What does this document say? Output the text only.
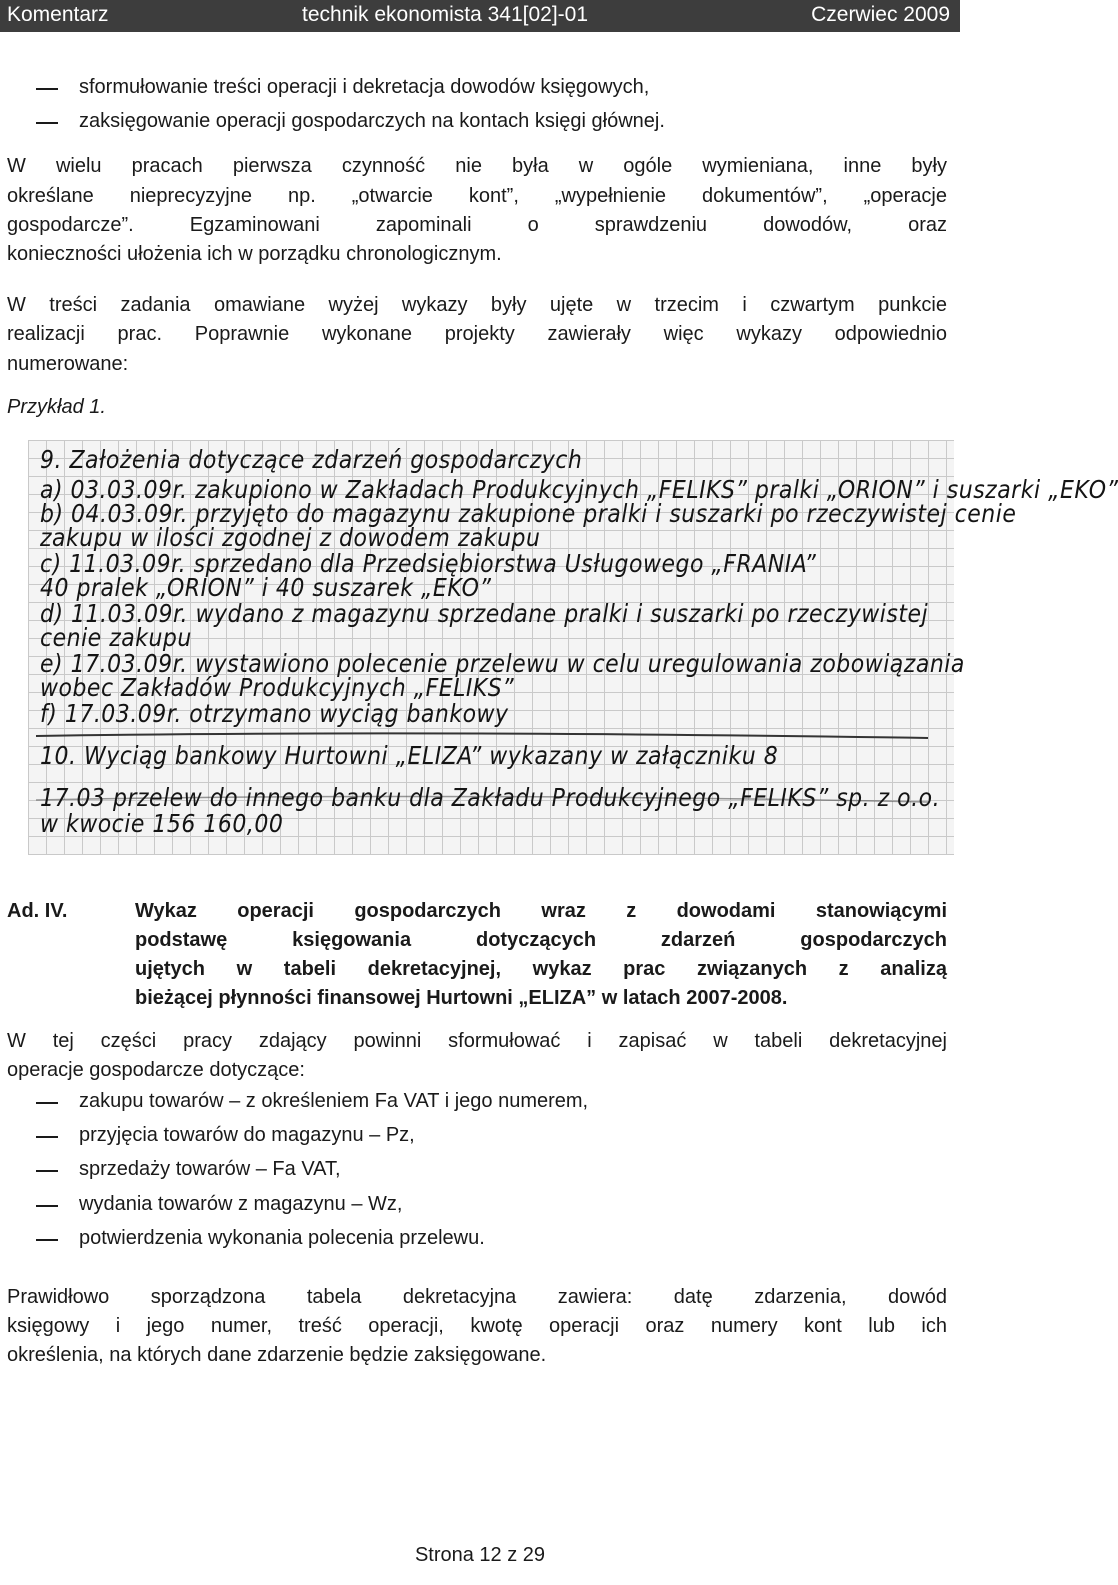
Komentarz	technik ekonomista 341[02]-01	Czerwiec 2009
sformułowanie treści operacji i dekretacja dowodów księgowych,
zaksięgowanie operacji gospodarczych na kontach księgi głównej.
W wielu pracach pierwsza czynność nie była w ogóle wymieniana, inne były
określane nieprecyzyjne np. „otwarcie kont”, „wypełnienie dokumentów”, „operacje
gospodarcze”. Egzaminowani zapominali o sprawdzeniu dowodów, oraz
konieczności ułożenia ich w porządku chronologicznym.
W treści zadania omawiane wyżej wykazy były ujęte w trzecim i czwartym punkcie
realizacji prac. Poprawnie wykonane projekty zawierały więc wykazy odpowiednio
numerowane:
Przykład 1.
9. Założenia dotyczące zdarzeń gospodarczych
a) 03.03.09r. zakupiono w Zakładach Produkcyjnych „FELIKS” pralki „ORION” i suszarki „EKO”
b) 04.03.09r. przyjęto do magazynu zakupione pralki i suszarki po rzeczywistej cenie
zakupu w ilości zgodnej z dowodem zakupu
c) 11.03.09r. sprzedano dla Przedsiębiorstwa Usługowego „FRANIA”
40 pralek „ORION” i 40 suszarek „EKO”
d) 11.03.09r. wydano z magazynu sprzedane pralki i suszarki po rzeczywistej
cenie zakupu
e) 17.03.09r. wystawiono polecenie przelewu w celu uregulowania zobowiązania
wobec Zakładów Produkcyjnych „FELIKS”
f) 17.03.09r. otrzymano wyciąg bankowy
10. Wyciąg bankowy Hurtowni „ELIZA” wykazany w załączniku 8
17.03 przelew do innego banku dla Zakładu Produkcyjnego „FELIKS” sp. z o.o.
w kwocie 156 160,00
Ad. IV.	Wykaz operacji gospodarczych wraz z dowodami stanowiącymi
podstawę księgowania dotyczących zdarzeń gospodarczych
ujętych w tabeli dekretacyjnej, wykaz prac związanych z analizą
bieżącej płynności finansowej Hurtowni „ELIZA” w latach 2007-2008.
W tej części pracy zdający powinni sformułować i zapisać w tabeli dekretacyjnej
operacje gospodarcze dotyczące:
zakupu towarów – z określeniem Fa VAT i jego numerem,
przyjęcia towarów do magazynu – Pz,
sprzedaży towarów – Fa VAT,
wydania towarów z magazynu – Wz,
potwierdzenia wykonania polecenia przelewu.
Prawidłowo sporządzona tabela dekretacyjna zawiera: datę zdarzenia, dowód
księgowy i jego numer, treść operacji, kwotę operacji oraz numery kont lub ich
określenia, na których dane zdarzenie będzie zaksięgowane.
Strona 12 z 29
